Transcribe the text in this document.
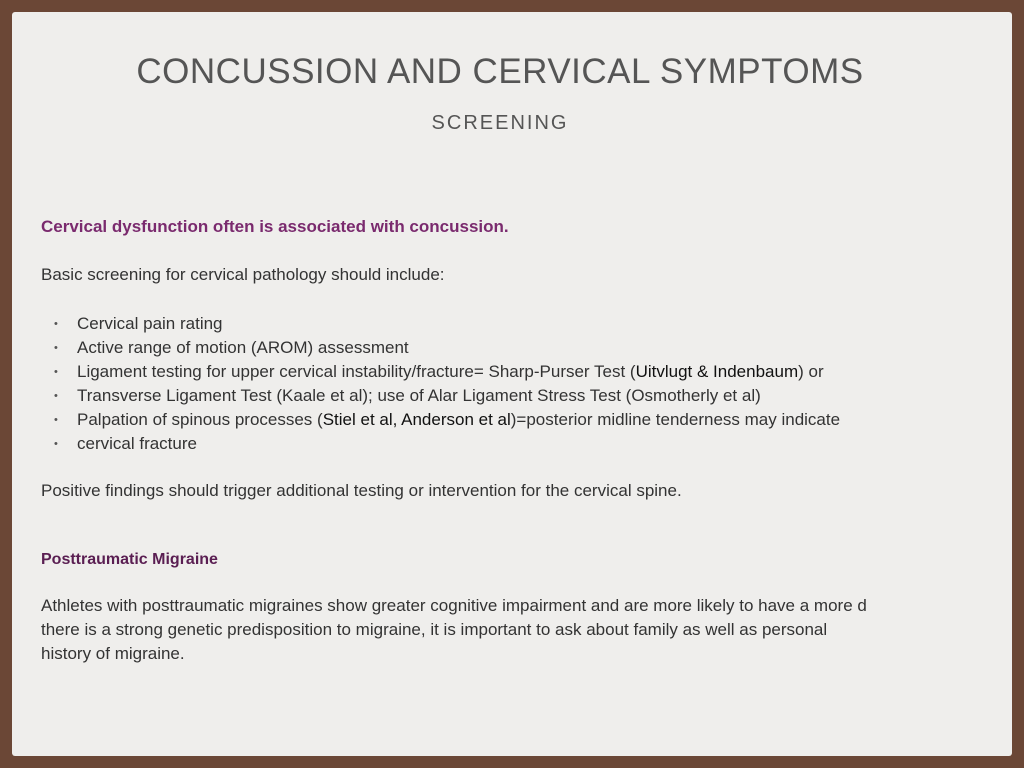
CONCUSSION AND CERVICAL SYMPTOMS
SCREENING
Cervical dysfunction often is associated with concussion.
Basic screening for cervical pathology should include:
• Cervical pain rating
• Active range of motion (AROM) assessment
• Ligament testing for upper cervical instability/fracture= Sharp-Purser Test (Uitvlugt & Indenbaum) or
• Transverse Ligament Test (Kaale et al); use of Alar Ligament Stress Test (Osmotherly et al)
• Palpation of spinous processes (Stiel et al, Anderson et al)=posterior midline tenderness may indicate
• cervical fracture
Positive findings should trigger additional testing or intervention for the cervical spine.
Posttraumatic Migraine
Athletes with posttraumatic migraines show greater cognitive impairment and are more likely to have a more d
there is a strong genetic predisposition to migraine, it is important to ask about family as well as personal
history of migraine.
